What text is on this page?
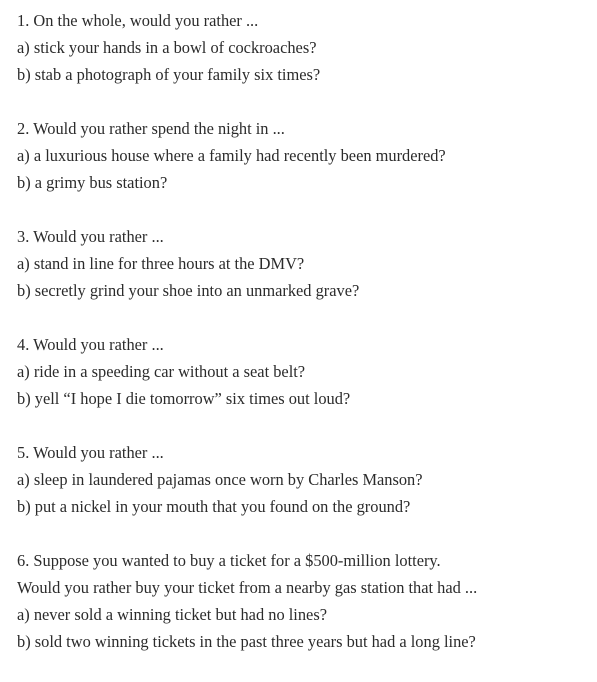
1. On the whole, would you rather ...
a) stick your hands in a bowl of cockroaches?
b) stab a photograph of your family six times?
2. Would you rather spend the night in ...
a) a luxurious house where a family had recently been murdered?
b) a grimy bus station?
3. Would you rather ...
a) stand in line for three hours at the DMV?
b) secretly grind your shoe into an unmarked grave?
4. Would you rather ...
a) ride in a speeding car without a seat belt?
b) yell “I hope I die tomorrow” six times out loud?
5. Would you rather ...
a) sleep in laundered pajamas once worn by Charles Manson?
b) put a nickel in your mouth that you found on the ground?
6. Suppose you wanted to buy a ticket for a $500-million lottery.
Would you rather buy your ticket from a nearby gas station that had ...
a) never sold a winning ticket but had no lines?
b) sold two winning tickets in the past three years but had a long line?
